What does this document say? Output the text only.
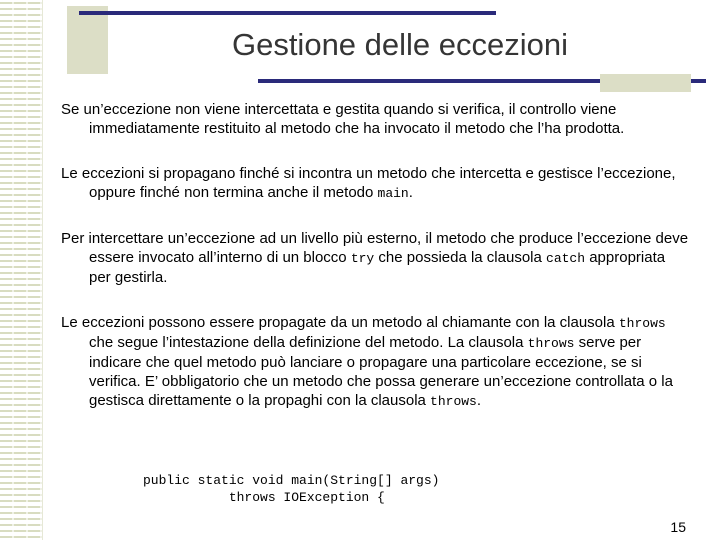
Gestione delle eccezioni

Se un’eccezione non viene intercettata e gestita quando si verifica, il controllo viene immediatamente restituito al metodo che ha invocato il metodo che l’ha prodotta.

Le eccezioni si propagano finché si incontra un metodo che intercetta e gestisce l’eccezione, oppure finché non termina anche il metodo main.

Per intercettare un’eccezione ad un livello più esterno, il metodo che produce l’eccezione deve essere invocato all’interno di un blocco try che possieda la clausola catch appropriata per gestirla.

Le eccezioni possono essere propagate da un metodo al chiamante con la clausola throws che segue l’intestazione della definizione del metodo. La clausola throws serve per indicare che quel metodo può lanciare o propagare una particolare eccezione, se si verifica. E’ obbligatorio che un metodo che possa generare un’eccezione controllata o la gestisca direttamente o la propaghi con la clausola throws.

public static void main(String[] args)
throws IOException {
15
